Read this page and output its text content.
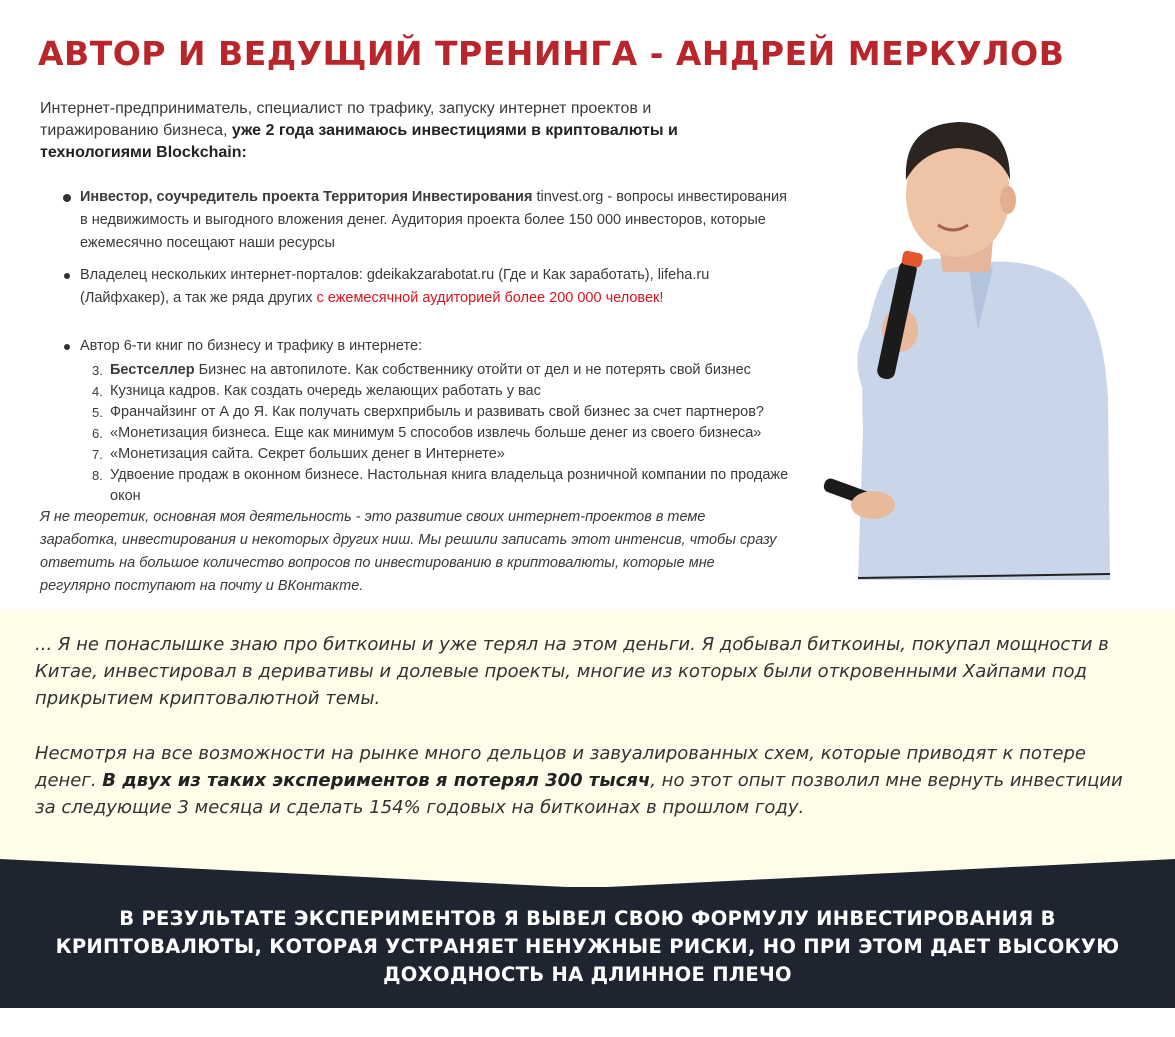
АВТОР И ВЕДУЩИЙ ТРЕНИНГА - АНДРЕЙ МЕРКУЛОВ
Интернет-предприниматель, специалист по трафику, запуску интернет проектов и тиражированию бизнеса, уже 2 года занимаюсь инвестициями в криптовалюты и технологиями Blockchain:
Инвестор, соучредитель проекта Территория Инвестирования tinvest.org - вопросы инвестирования в недвижимость и выгодного вложения денег. Аудитория проекта более 150 000 инвесторов, которые ежемесячно посещают наши ресурсы
Владелец нескольких интернет-порталов: gdeikakzarabotat.ru (Где и Как заработать), lifeha.ru (Лайфхакер), а так же ряда других с ежемесячной аудиторией более 200 000 человек!
Автор 6-ти книг по бизнесу и трафику в интернете:
3. Бестселлер Бизнес на автопилоте. Как собственнику отойти от дел и не потерять свой бизнес
4. Кузница кадров. Как создать очередь желающих работать у вас
5. Франчайзинг от А до Я. Как получать сверхприбыль и развивать свой бизнес за счет партнеров?
6. «Монетизация бизнеса. Еще как минимум 5 способов извлечь больше денег из своего бизнеса»
7. «Монетизация сайта. Секрет больших денег в Интернете»
8. Удвоение продаж в оконном бизнесе. Настольная книга владельца розничной компании по продаже окон

Я не теоретик, основная моя деятельность - это развитие своих интернет-проектов в теме заработка, инвестирования и некоторых других ниш. Мы решили записать этот интенсив, чтобы сразу ответить на большое количество вопросов по инвестированию в криптовалюты, которые мне регулярно поступают на почту и ВКонтакте.

... Я не понаслышке знаю про биткоины и уже терял на этом деньги. Я добывал биткоины, покупал мощности в Китае, инвестировал в деривативы и долевые проекты, многие из которых были откровенными Хайпами под прикрытием криптовалютной темы.

Несмотря на все возможности на рынке много дельцов и завуалированных схем, которые приводят к потере денег. В двух из таких экспериментов я потерял 300 тысяч, но этот опыт позволил мне вернуть инвестиции за следующие 3 месяца и сделать 154% годовых на биткоинах в прошлом году.

В РЕЗУЛЬТАТЕ ЭКСПЕРИМЕНТОВ Я ВЫВЕЛ СВОЮ ФОРМУЛУ ИНВЕСТИРОВАНИЯ В КРИПТОВАЛЮТЫ, КОТОРАЯ УСТРАНЯЕТ НЕНУЖНЫЕ РИСКИ, НО ПРИ ЭТОМ ДАЕТ ВЫСОКУЮ ДОХОДНОСТЬ НА ДЛИННОЕ ПЛЕЧО
